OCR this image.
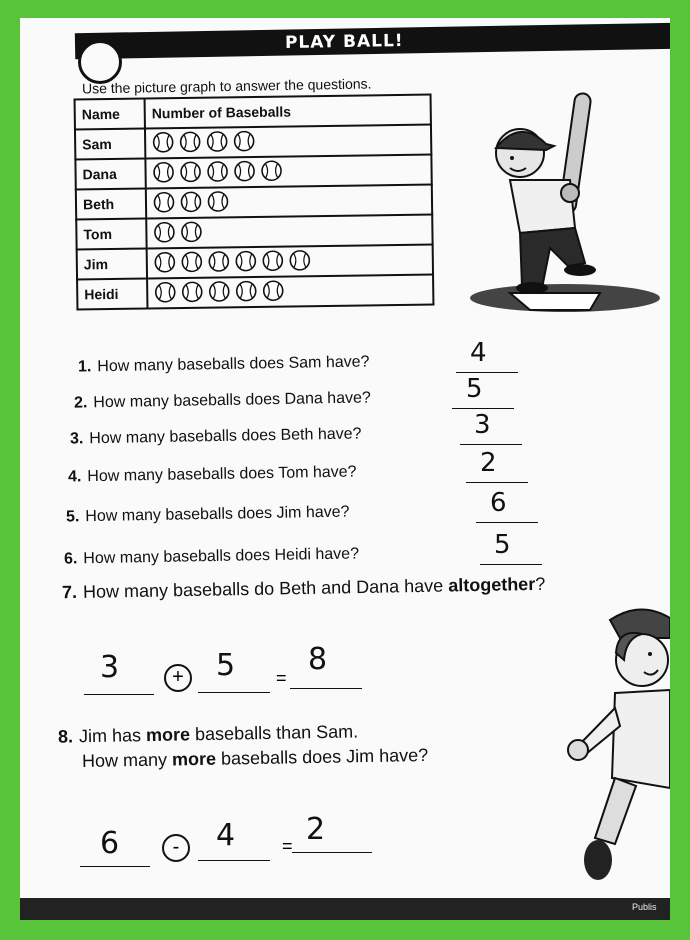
PLAY BALL!
Use the picture graph to answer the questions.
Name	Number of Baseballs
Sam	
Dana	
Beth	
Tom	
Jim	
Heidi	
1. How many baseballs does Sam have?	4
2. How many baseballs does Dana have?	5
3. How many baseballs does Beth have?	3
4. How many baseballs does Tom have?	2
5. How many baseballs does Jim have?	6
6. How many baseballs does Heidi have?	5
7. How many baseballs do Beth and Dana have altogether?
3	+ 5 =
8
8. Jim has more baseballs than Sam.
How many more baseballs does Jim have?
6	-	4	= 2
Publis
